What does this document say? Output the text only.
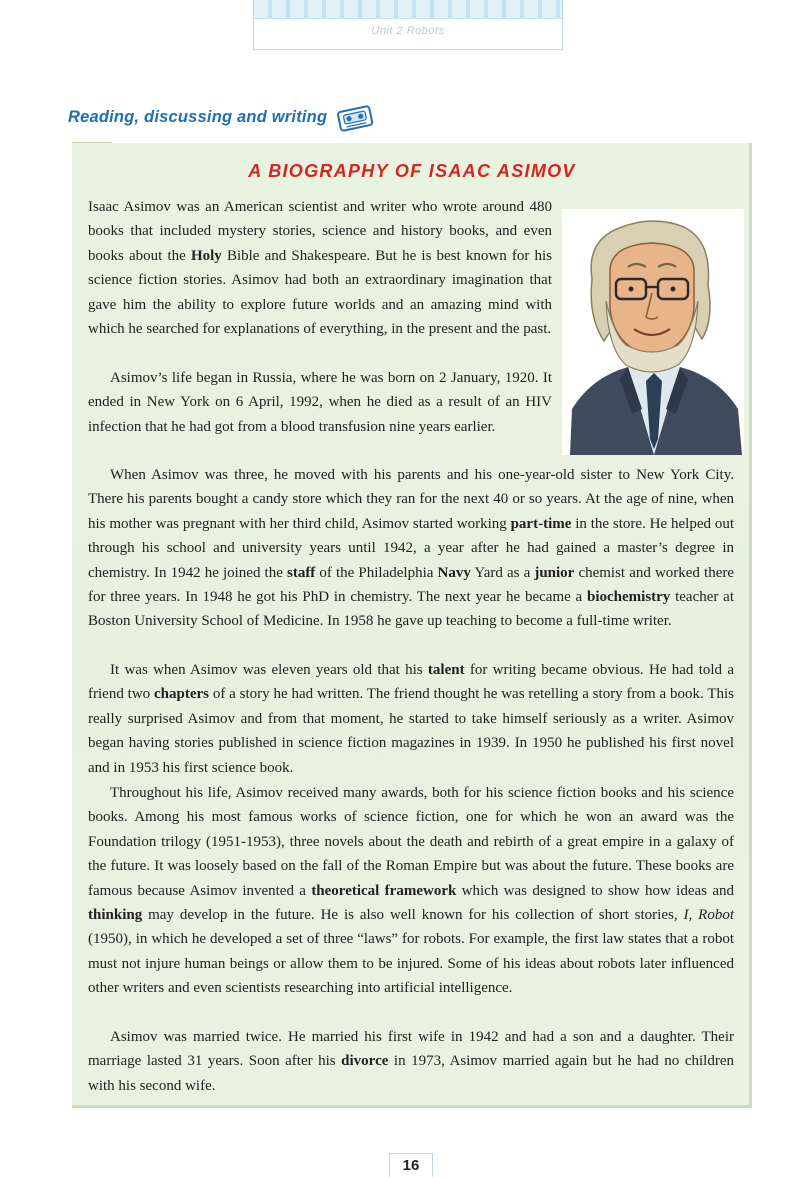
Unit 2 Robots
Reading, discussing and writing
A BIOGRAPHY OF ISAAC ASIMOV

Isaac Asimov was an American scientist and writer who wrote around 480 books that included mystery stories, science and history books, and even books about the Holy Bible and Shakespeare. But he is best known for his science fiction stories. Asimov had both an extraordinary imagination that gave him the ability to explore future worlds and an amazing mind with which he searched for explanations of everything, in the present and the past.

Asimov’s life began in Russia, where he was born on 2 January, 1920. It ended in New York on 6 April, 1992, when he died as a result of an HIV infection that he had got from a blood transfusion nine years earlier.

When Asimov was three, he moved with his parents and his one-year-old sister to New York City. There his parents bought a candy store which they ran for the next 40 or so years. At the age of nine, when his mother was pregnant with her third child, Asimov started working part-time in the store. He helped out through his school and university years until 1942, a year after he had gained a master’s degree in chemistry. In 1942 he joined the staff of the Philadelphia Navy Yard as a junior chemist and worked there for three years. In 1948 he got his PhD in chemistry. The next year he became a biochemistry teacher at Boston University School of Medicine. In 1958 he gave up teaching to become a full-time writer.

It was when Asimov was eleven years old that his talent for writing became obvious. He had told a friend two chapters of a story he had written. The friend thought he was retelling a story from a book. This really surprised Asimov and from that moment, he started to take himself seriously as a writer. Asimov began having stories published in science fiction magazines in 1939. In 1950 he published his first novel and in 1953 his first science book.

Throughout his life, Asimov received many awards, both for his science fiction books and his science books. Among his most famous works of science fiction, one for which he won an award was the Foundation trilogy (1951-1953), three novels about the death and rebirth of a great empire in a galaxy of the future. It was loosely based on the fall of the Roman Empire but was about the future. These books are famous because Asimov invented a theoretical framework which was designed to show how ideas and thinking may develop in the future. He is also well known for his collection of short stories, I, Robot (1950), in which he developed a set of three “laws” for robots. For example, the first law states that a robot must not injure human beings or allow them to be injured. Some of his ideas about robots later influenced other writers and even scientists researching into artificial intelligence.

Asimov was married twice. He married his first wife in 1942 and had a son and a daughter. Their marriage lasted 31 years. Soon after his divorce in 1973, Asimov married again but he had no children with his second wife.

16
